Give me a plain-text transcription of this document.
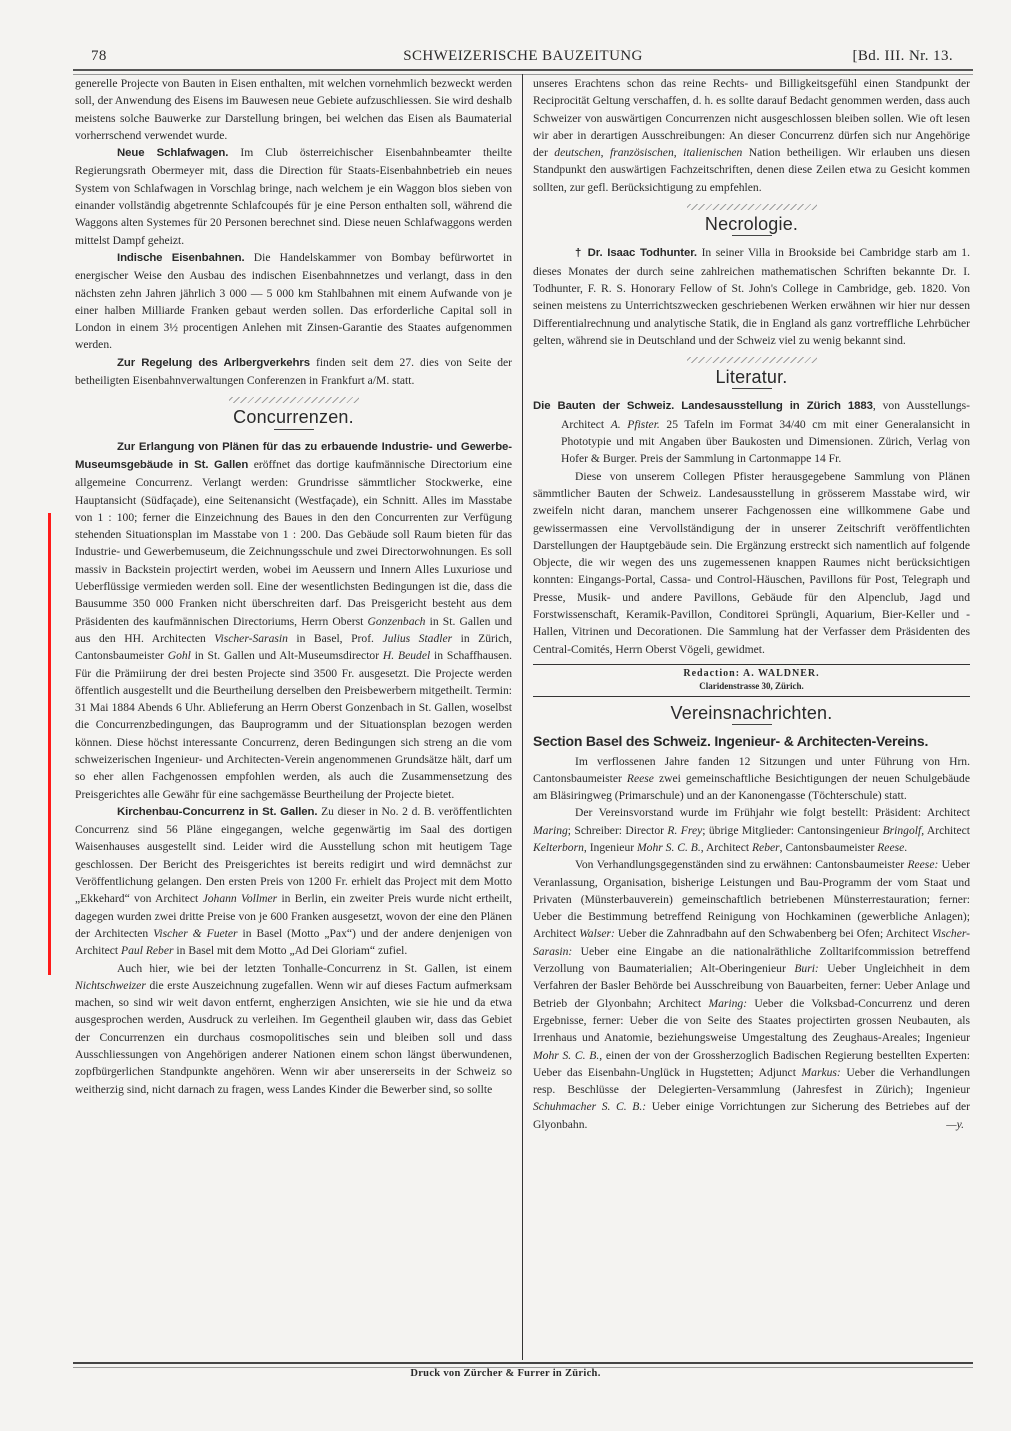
78	SCHWEIZERISCHE BAUZEITUNG	[Bd. III. Nr. 13.

generelle Projecte von Bauten in Eisen enthalten, mit welchen vornehmlich bezweckt werden soll, der Anwendung des Eisens im Bauwesen neue Gebiete aufzuschliessen. Sie wird deshalb meistens solche Bauwerke zur Darstellung bringen, bei welchen das Eisen als Baumaterial vorherrschend verwendet wurde.

Neue Schlafwagen. Im Club österreichischer Eisenbahnbeamter theilte Regierungsrath Obermeyer mit, dass die Direction für Staats-Eisenbahnbetrieb ein neues System von Schlafwagen in Vorschlag bringe, nach welchem je ein Waggon blos sieben von einander vollständig abgetrennte Schlafcoupés für je eine Person enthalten soll, während die Waggons alten Systemes für 20 Personen berechnet sind. Diese neuen Schlafwaggons werden mittelst Dampf geheizt.

Indische Eisenbahnen. Die Handelskammer von Bombay befürwortet in energischer Weise den Ausbau des indischen Eisenbahnnetzes und verlangt, dass in den nächsten zehn Jahren jährlich 3 000 — 5 000 km Stahlbahnen mit einem Aufwande von je einer halben Milliarde Franken gebaut werden sollen. Das erforderliche Capital soll in London in einem 3½ procentigen Anlehen mit Zinsen-Garantie des Staates aufgenommen werden.

Zur Regelung des Arlbergverkehrs finden seit dem 27. dies von Seite der betheiligten Eisenbahnverwaltungen Conferenzen in Frankfurt a/M. statt.

Concurrenzen.

Zur Erlangung von Plänen für das zu erbauende Industrie- und Gewerbe-Museumsgebäude in St. Gallen eröffnet das dortige kaufmännische Directorium eine allgemeine Concurrenz. Verlangt werden: Grundrisse sämmtlicher Stockwerke, eine Hauptansicht (Südfaçade), eine Seitenansicht (Westfaçade), ein Schnitt. Alles im Masstabe von 1 : 100; ferner die Einzeichnung des Baues in den den Concurrenten zur Verfügung stehenden Situationsplan im Masstabe von 1 : 200. Das Gebäude soll Raum bieten für das Industrie- und Gewerbemuseum, die Zeichnungsschule und zwei Directorwohnungen. Es soll massiv in Backstein projectirt werden, wobei im Aeussern und Innern Alles Luxuriose und Ueberflüssige vermieden werden soll. Eine der wesentlichsten Bedingungen ist die, dass die Bausumme 350 000 Franken nicht überschreiten darf. Das Preisgericht besteht aus dem Präsidenten des kaufmännischen Directoriums, Herrn Oberst Gonzenbach in St. Gallen und aus den HH. Architecten Vischer-Sarasin in Basel, Prof. Julius Stadler in Zürich, Cantonsbaumeister Gohl in St. Gallen und Alt-Museumsdirector H. Beudel in Schaffhausen. Für die Prämiirung der drei besten Projecte sind 3500 Fr. ausgesetzt. Die Projecte werden öffentlich ausgestellt und die Beurtheilung derselben den Preisbewerbern mitgetheilt. Termin: 31 Mai 1884 Abends 6 Uhr. Ablieferung an Herrn Oberst Gonzenbach in St. Gallen, woselbst die Concurrenzbedingungen, das Bauprogramm und der Situationsplan bezogen werden können. Diese höchst interessante Concurrenz, deren Bedingungen sich streng an die vom schweizerischen Ingenieur- und Architecten-Verein angenommenen Grundsätze hält, darf um so eher allen Fachgenossen empfohlen werden, als auch die Zusammensetzung des Preisgerichtes alle Gewähr für eine sachgemässe Beurtheilung der Projecte bietet.

Kirchenbau-Concurrenz in St. Gallen. Zu dieser in No. 2 d. B. veröffentlichten Concurrenz sind 56 Pläne eingegangen, welche gegenwärtig im Saal des dortigen Waisenhauses ausgestellt sind. Leider wird die Ausstellung schon mit heutigem Tage geschlossen. Der Bericht des Preisgerichtes ist bereits redigirt und wird demnächst zur Veröffentlichung gelangen. Den ersten Preis von 1200 Fr. erhielt das Project mit dem Motto „Ekkehard“ von Architect Johann Vollmer in Berlin, ein zweiter Preis wurde nicht ertheilt, dagegen wurden zwei dritte Preise von je 600 Franken ausgesetzt, wovon der eine den Plänen der Architecten Vischer & Fueter in Basel (Motto „Pax“) und der andere denjenigen von Architect Paul Reber in Basel mit dem Motto „Ad Dei Gloriam“ zufiel.

Auch hier, wie bei der letzten Tonhalle-Concurrenz in St. Gallen, ist einem Nichtschweizer die erste Auszeichnung zugefallen. Wenn wir auf dieses Factum aufmerksam machen, so sind wir weit davon entfernt, engherzigen Ansichten, wie sie hie und da etwa ausgesprochen werden, Ausdruck zu verleihen. Im Gegentheil glauben wir, dass das Gebiet der Concurrenzen ein durchaus cosmopolitisches sein und bleiben soll und dass Ausschliessungen von Angehörigen anderer Nationen einem schon längst überwundenen, zopfbürgerlichen Standpunkte angehören. Wenn wir aber unsererseits in der Schweiz so weitherzig sind, nicht darnach zu fragen, wess Landes Kinder die Bewerber sind, so sollte

unseres Erachtens schon das reine Rechts- und Billigkeitsgefühl einen Standpunkt der Reciprocität Geltung verschaffen, d. h. es sollte darauf Bedacht genommen werden, dass auch Schweizer von auswärtigen Concurrenzen nicht ausgeschlossen bleiben sollen. Wie oft lesen wir aber in derartigen Ausschreibungen: An dieser Concurrenz dürfen sich nur Angehörige der deutschen, französischen, italienischen Nation betheiligen. Wir erlauben uns diesen Standpunkt den auswärtigen Fachzeitschriften, denen diese Zeilen etwa zu Gesicht kommen sollten, zur gefl. Berücksichtigung zu empfehlen.

Necrologie.

† Dr. Isaac Todhunter. In seiner Villa in Brookside bei Cambridge starb am 1. dieses Monates der durch seine zahlreichen mathematischen Schriften bekannte Dr. I. Todhunter, F. R. S. Honorary Fellow of St. John's College in Cambridge, geb. 1820. Von seinen meistens zu Unterrichtszwecken geschriebenen Werken erwähnen wir hier nur dessen Differentialrechnung und analytische Statik, die in England als ganz vortreffliche Lehrbücher gelten, während sie in Deutschland und der Schweiz viel zu wenig bekannt sind.

Literatur.

Die Bauten der Schweiz. Landesausstellung in Zürich 1883, von Ausstellungs-Architect A. Pfister. 25 Tafeln im Format 34/40 cm mit einer Generalansicht in Phototypie und mit Angaben über Baukosten und Dimensionen. Zürich, Verlag von Hofer & Burger. Preis der Sammlung in Cartonmappe 14 Fr.

Diese von unserem Collegen Pfister herausgegebene Sammlung von Plänen sämmtlicher Bauten der Schweiz. Landesausstellung in grösserem Masstabe wird, wir zweifeln nicht daran, manchem unserer Fachgenossen eine willkommene Gabe und gewissermassen eine Vervollständigung der in unserer Zeitschrift veröffentlichten Darstellungen der Hauptgebäude sein. Die Ergänzung erstreckt sich namentlich auf folgende Objecte, die wir wegen des uns zugemessenen knappen Raumes nicht berücksichtigen konnten: Eingangs-Portal, Cassa- und Control-Häuschen, Pavillons für Post, Telegraph und Presse, Musik- und andere Pavillons, Gebäude für den Alpenclub, Jagd und Forstwissenschaft, Keramik-Pavillon, Conditorei Sprüngli, Aquarium, Bier-Keller und -Hallen, Vitrinen und Decorationen. Die Sammlung hat der Verfasser dem Präsidenten des Central-Comités, Herrn Oberst Vögeli, gewidmet.

Redaction: A. WALDNER.
Claridenstrasse 30, Zürich.
Vereinsnachrichten.
Section Basel des Schweiz. Ingenieur- & Architecten-Vereins.

Im verflossenen Jahre fanden 12 Sitzungen und unter Führung von Hrn. Cantonsbaumeister Reese zwei gemeinschaftliche Besichtigungen der neuen Schulgebäude am Bläsiringweg (Primarschule) und an der Kanonengasse (Töchterschule) statt.

Der Vereinsvorstand wurde im Frühjahr wie folgt bestellt: Präsident: Architect Maring; Schreiber: Director R. Frey; übrige Mitglieder: Cantonsingenieur Bringolf, Architect Kelterborn, Ingenieur Mohr S. C. B., Architect Reber, Cantonsbaumeister Reese.

Von Verhandlungsgegenständen sind zu erwähnen: Cantonsbaumeister Reese: Ueber Veranlassung, Organisation, bisherige Leistungen und Bau-Programm der vom Staat und Privaten (Münsterbauverein) gemeinschaftlich betriebenen Münsterrestauration; ferner: Ueber die Bestimmung betreffend Reinigung von Hochkaminen (gewerbliche Anlagen); Architect Walser: Ueber die Zahnradbahn auf den Schwabenberg bei Ofen; Architect Vischer-Sarasin: Ueber eine Eingabe an die nationalräthliche Zolltarifcommission betreffend Verzollung von Baumaterialien; Alt-Oberingenieur Buri: Ueber Ungleichheit in dem Verfahren der Basler Behörde bei Ausschreibung von Bauarbeiten, ferner: Ueber Anlage und Betrieb der Glyonbahn; Architect Maring: Ueber die Volksbad-Concurrenz und deren Ergebnisse, ferner: Ueber die von Seite des Staates projectirten grossen Neubauten, als Irrenhaus und Anatomie, beziehungsweise Umgestaltung des Zeughaus-Areales; Ingenieur Mohr S. C. B., einen der von der Grossherzoglich Badischen Regierung bestellten Experten: Ueber das Eisenbahn-Unglück in Hugstetten; Adjunct Markus: Ueber die Verhandlungen resp. Beschlüsse der Delegierten-Versammlung (Jahresfest in Zürich); Ingenieur Schuhmacher S. C. B.: Ueber einige Vorrichtungen zur Sicherung des Betriebes auf der Glyonbahn.	—y.

Druck von Zürcher & Furrer in Zürich.
